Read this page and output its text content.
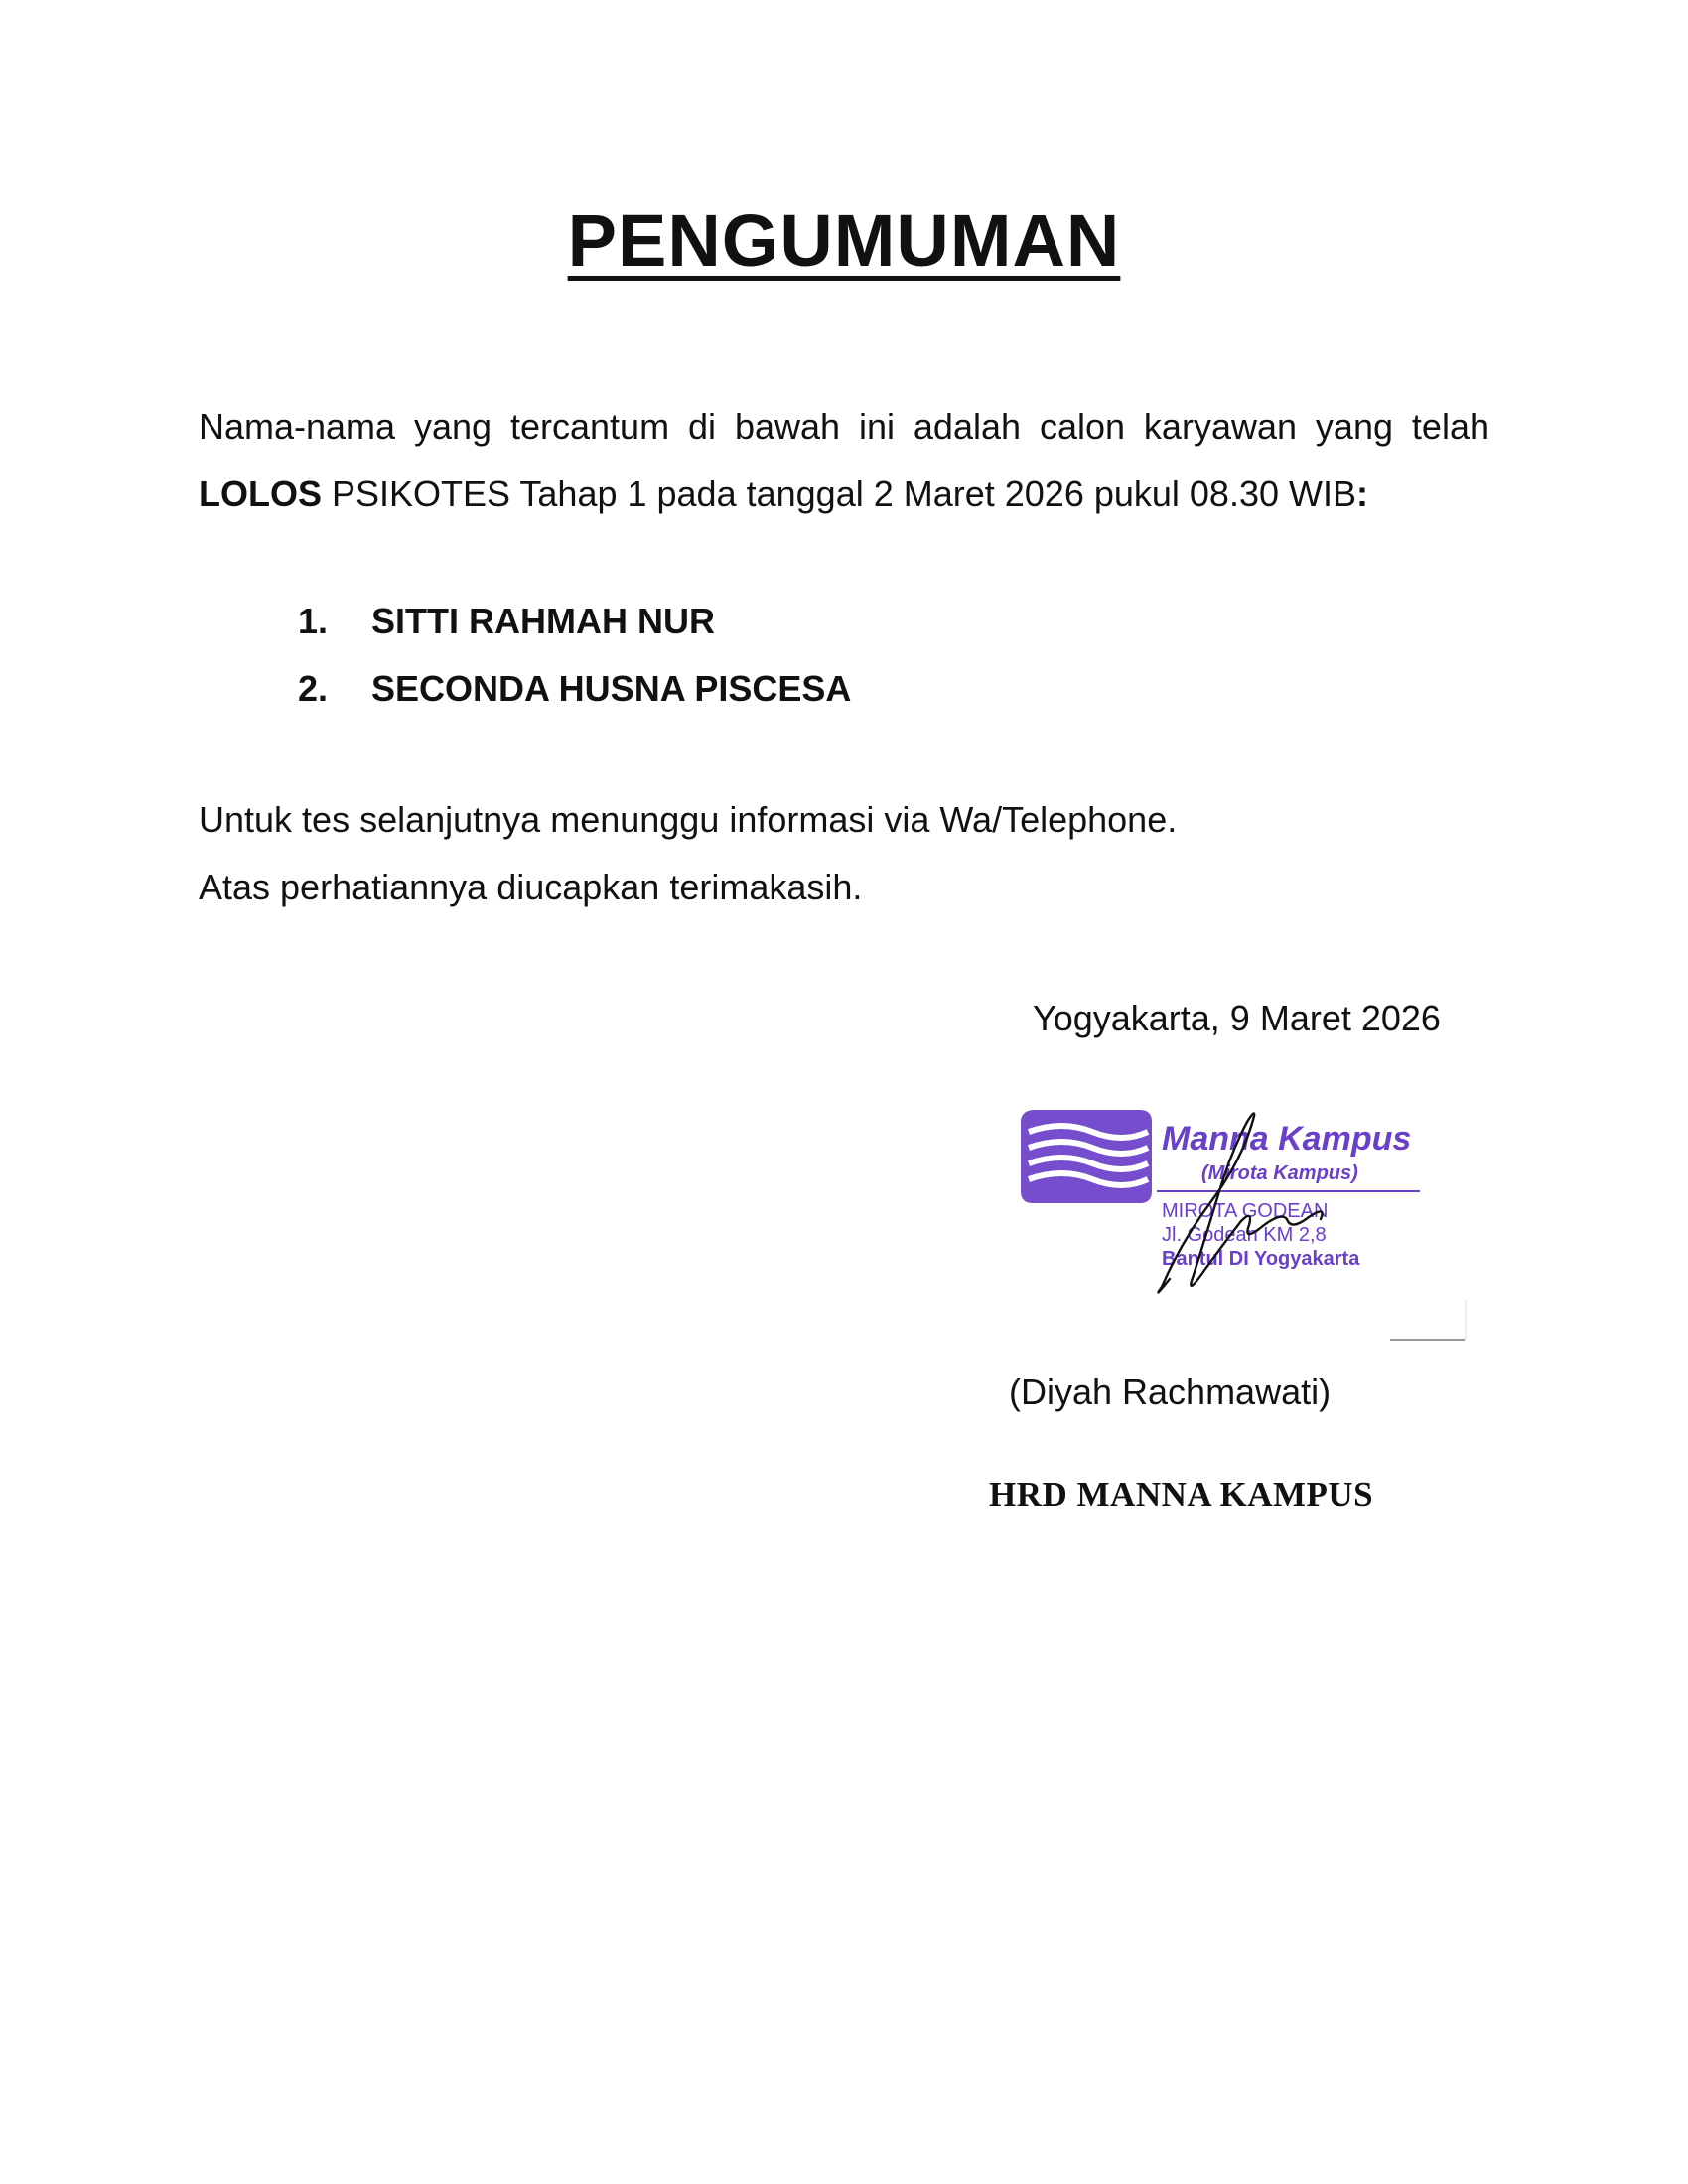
PENGUMUMAN
Nama-nama yang tercantum di bawah ini adalah calon karyawan yang telah LOLOS PSIKOTES Tahap 1 pada tanggal 2 Maret 2026 pukul 08.30 WIB:
1.	SITTI RAHMAH NUR
2.	SECONDA HUSNA PISCESA

Untuk tes selanjutnya menunggu informasi via Wa/Telephone.

Atas perhatiannya diucapkan terimakasih.

Yogyakarta, 9 Maret 2026
Manna Kampus
(Mirota Kampus)
MIROTA GODEAN
Jl. Godean KM 2,8
Bantul DI Yogyakarta
(Diyah Rachmawati)
HRD MANNA KAMPUS
